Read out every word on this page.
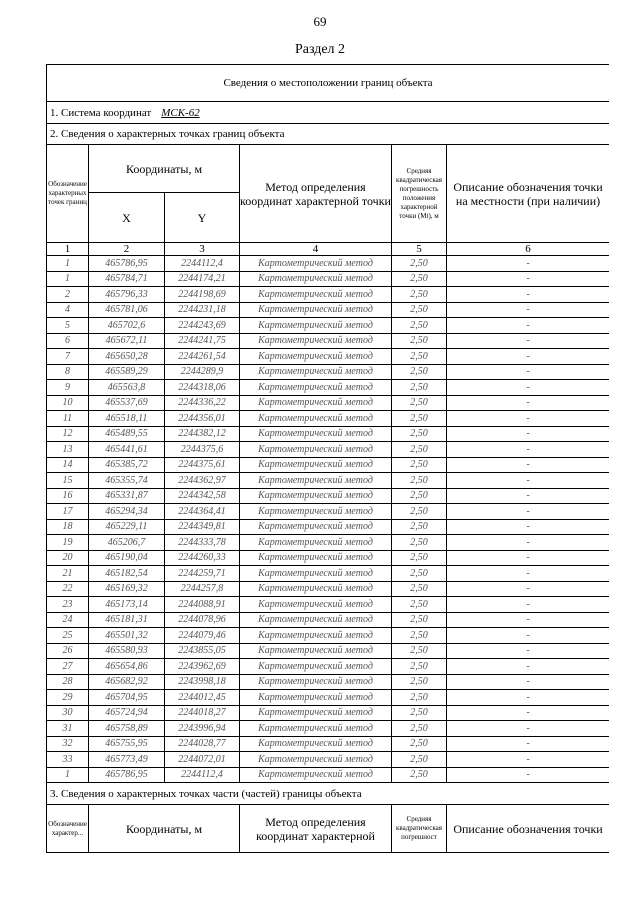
69
Раздел 2
Сведения о местоположении границ объекта					
1. Система координат МСК-62					
2. Сведения о характерных точках границ объекта					
Обозначение характерных точек границ	Координаты, м		Метод определения координат характерной точки	Средняя квадратическая погрешность положения характерной точки (Mt), м	Описание обозначения точки на местности (при наличии)
	X	Y			
1	2	3	4	5	6
1	465786,95	2244112,4	Картометрический метод	2,50	-
1	465784,71	2244174,21	Картометрический метод	2,50	-
2	465796,33	2244198,69	Картометрический метод	2,50	-
4	465781,06	2244231,18	Картометрический метод	2,50	-
5	465702,6	2244243,69	Картометрический метод	2,50	-
6	465672,11	2244241,75	Картометрический метод	2,50	-
7	465650,28	2244261,54	Картометрический метод	2,50	-
8	465589,29	2244289,9	Картометрический метод	2,50	-
9	465563,8	2244318,06	Картометрический метод	2,50	-
10	465537,69	2244336,22	Картометрический метод	2,50	-
11	465518,11	2244356,01	Картометрический метод	2,50	-
12	465489,55	2244382,12	Картометрический метод	2,50	-
13	465441,61	2244375,6	Картометрический метод	2,50	-
14	465385,72	2244375,61	Картометрический метод	2,50	-
15	465355,74	2244362,97	Картометрический метод	2,50	-
16	465331,87	2244342,58	Картометрический метод	2,50	-
17	465294,34	2244364,41	Картометрический метод	2,50	-
18	465229,11	2244349,81	Картометрический метод	2,50	-
19	465206,7	2244333,78	Картометрический метод	2,50	-
20	465190,04	2244260,33	Картометрический метод	2,50	-
21	465182,54	2244259,71	Картометрический метод	2,50	-
22	465169,32	2244257,8	Картометрический метод	2,50	-
23	465173,14	2244088,91	Картометрический метод	2,50	-
24	465181,31	2244078,96	Картометрический метод	2,50	-
25	465501,32	2244079,46	Картометрический метод	2,50	-
26	465580,93	2243855,05	Картометрический метод	2,50	-
27	465654,86	2243962,69	Картометрический метод	2,50	-
28	465682,92	2243998,18	Картометрический метод	2,50	-
29	465704,95	2244012,45	Картометрический метод	2,50	-
30	465724,94	2244018,27	Картометрический метод	2,50	-
31	465758,89	2243996,94	Картометрический метод	2,50	-
32	465755,95	2244028,77	Картометрический метод	2,50	-
33	465773,49	2244072,01	Картометрический метод	2,50	-
1	465786,95	2244112,4	Картометрический метод	2,50	-
3. Сведения о характерных точках части (частей) границы объекта					
Обозначение характер...	Координаты, м		Метод определения координат характерной	Средняя квадратическая погрешност	Описание обозначения точки
